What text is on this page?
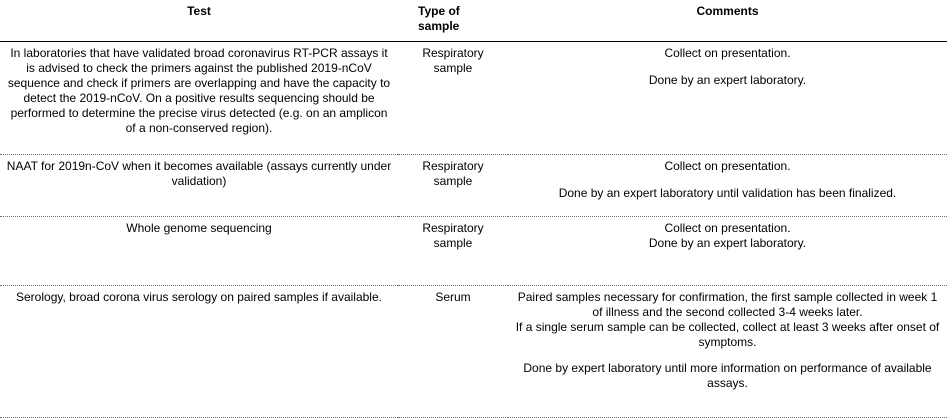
Test	Type of sample	Comments
In laboratories that have validated broad coronavirus RT-PCR assays it is advised to check the primers against the published 2019-nCoV sequence and check if primers are overlapping and have the capacity to detect the 2019-nCoV. On a positive results sequencing should be performed to determine the precise virus detected (e.g. on an amplicon of a non-conserved region).	Respiratory sample	Collect on presentation.

Done by an expert laboratory.

NAAT for 2019n-CoV when it becomes available (assays currently under validation)	Respiratory sample	Collect on presentation.

Done by an expert laboratory until validation has been finalized.

Whole genome sequencing	Respiratory sample	Collect on presentation.

Done by an expert laboratory.

Serology, broad corona virus serology on paired samples if available.	Serum	Paired samples necessary for confirmation, the first sample collected in week 1 of illness and the second collected 3-4 weeks later.

If a single serum sample can be collected, collect at least 3 weeks after onset of symptoms.

Done by expert laboratory until more information on performance of available assays.
